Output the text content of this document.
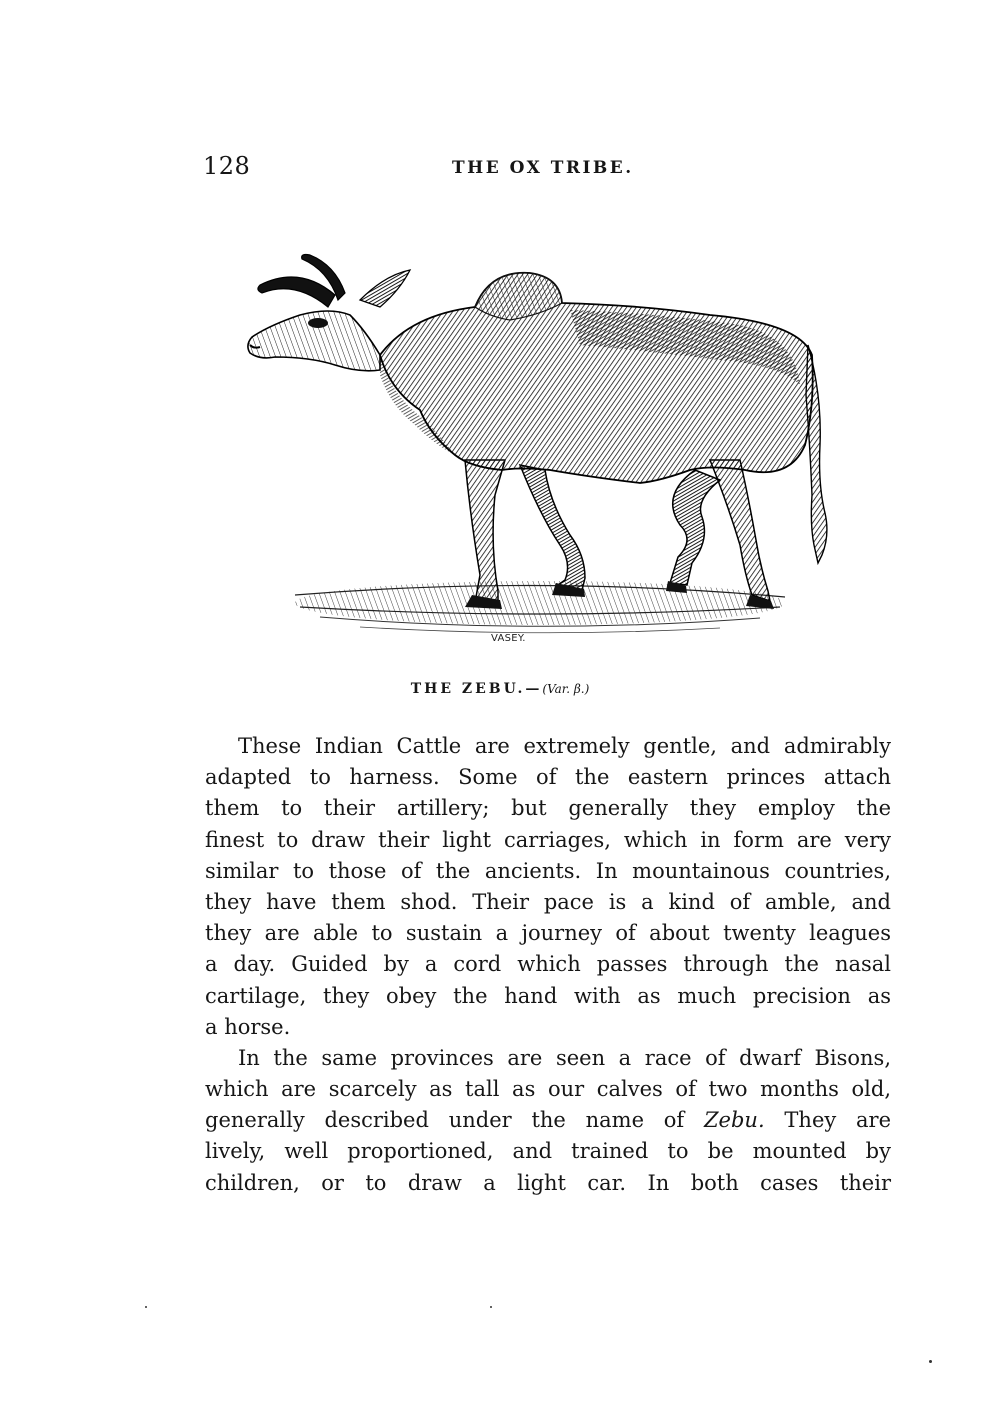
128	THE OX TRIBE.
VASEY.
THE ZEBU.—(Var. β.)
These Indian Cattle are extremely gentle, and admirably
adapted to harness. Some of the eastern princes attach
them to their artillery; but generally they employ the
finest to draw their light carriages, which in form are very
similar to those of the ancients. In mountainous countries,
they have them shod. Their pace is a kind of amble, and
they are able to sustain a journey of about twenty leagues
a day. Guided by a cord which passes through the nasal
cartilage, they obey the hand with as much precision as
a horse.
In the same provinces are seen a race of dwarf Bisons,
which are scarcely as tall as our calves of two months old,
generally described under the name of Zebu. They are
lively, well proportioned, and trained to be mounted by
children, or to draw a light car. In both cases their
